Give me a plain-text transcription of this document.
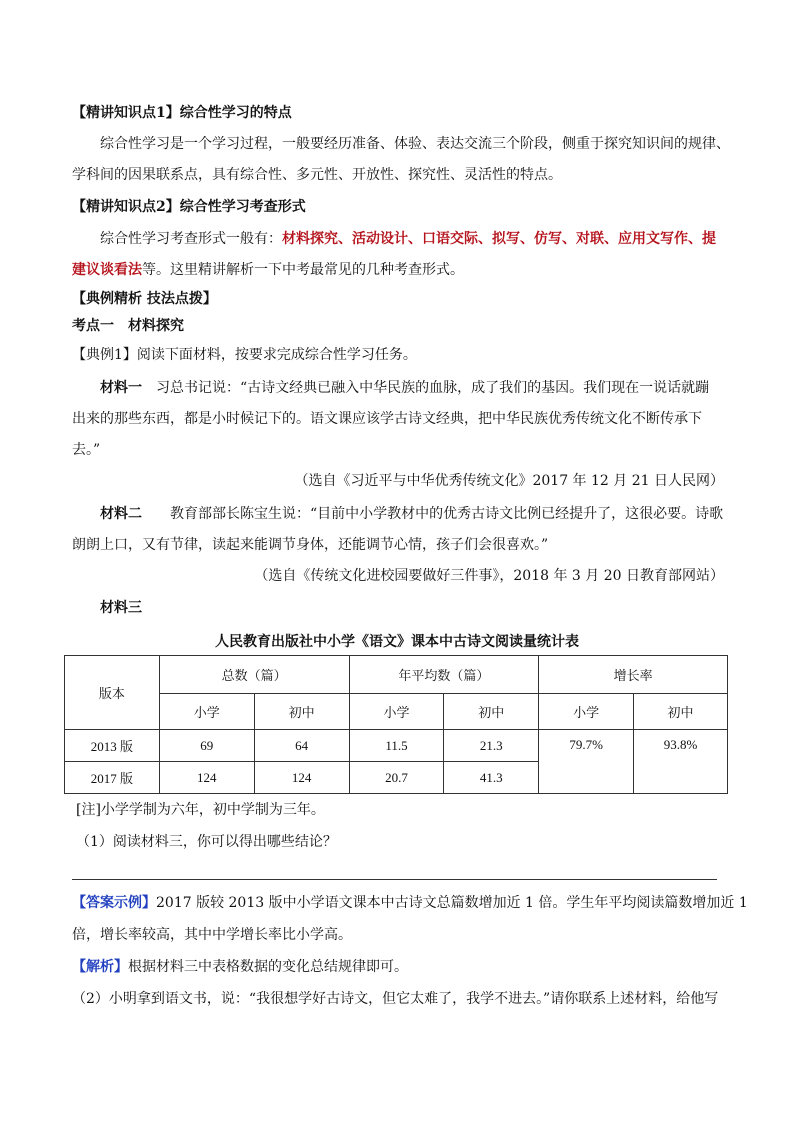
【精讲知识点1】综合性学习的特点
综合性学习是一个学习过程，一般要经历准备、体验、表达交流三个阶段，侧重于探究知识间的规律、
学科间的因果联系点，具有综合性、多元性、开放性、探究性、灵活性的特点。
【精讲知识点2】综合性学习考查形式
综合性学习考查形式一般有：材料探究、活动设计、口语交际、拟写、仿写、对联、应用文写作、提
建议谈看法等。这里精讲解析一下中考最常见的几种考查形式。
【典例精析 技法点拨】
考点一　材料探究
【典例1】阅读下面材料，按要求完成综合性学习任务。
材料一　习总书记说：“古诗文经典已融入中华民族的血脉，成了我们的基因。我们现在一说话就蹦
出来的那些东西，都是小时候记下的。语文课应该学古诗文经典，把中华民族优秀传统文化不断传承下
去。”
（选自《习近平与中华优秀传统文化》2017 年 12 月 21 日人民网）
材料二　　教育部部长陈宝生说：“目前中小学教材中的优秀古诗文比例已经提升了，这很必要。诗歌
朗朗上口，又有节律，读起来能调节身体，还能调节心情，孩子们会很喜欢。”
（选自《传统文化进校园要做好三件事》，2018 年 3 月 20 日教育部网站）
材料三
人民教育出版社中小学《语文》课本中古诗文阅读量统计表
版本	总数（篇）		年平均数（篇）		增长率	
	小学	初中	小学	初中	小学	初中
2013 版	69	64	11.5	21.3	79.7%	93.8%
2017 版	124	124	20.7	41.3		
[注]小学学制为六年，初中学制为三年。
（1）阅读材料三，你可以得出哪些结论？
【答案示例】2017 版较 2013 版中小学语文课本中古诗文总篇数增加近 1 倍。学生年平均阅读篇数增加近 1
倍，增长率较高，其中中学增长率比小学高。
【解析】根据材料三中表格数据的变化总结规律即可。
（2）小明拿到语文书，说：“我很想学好古诗文，但它太难了，我学不进去。”请你联系上述材料，给他写
